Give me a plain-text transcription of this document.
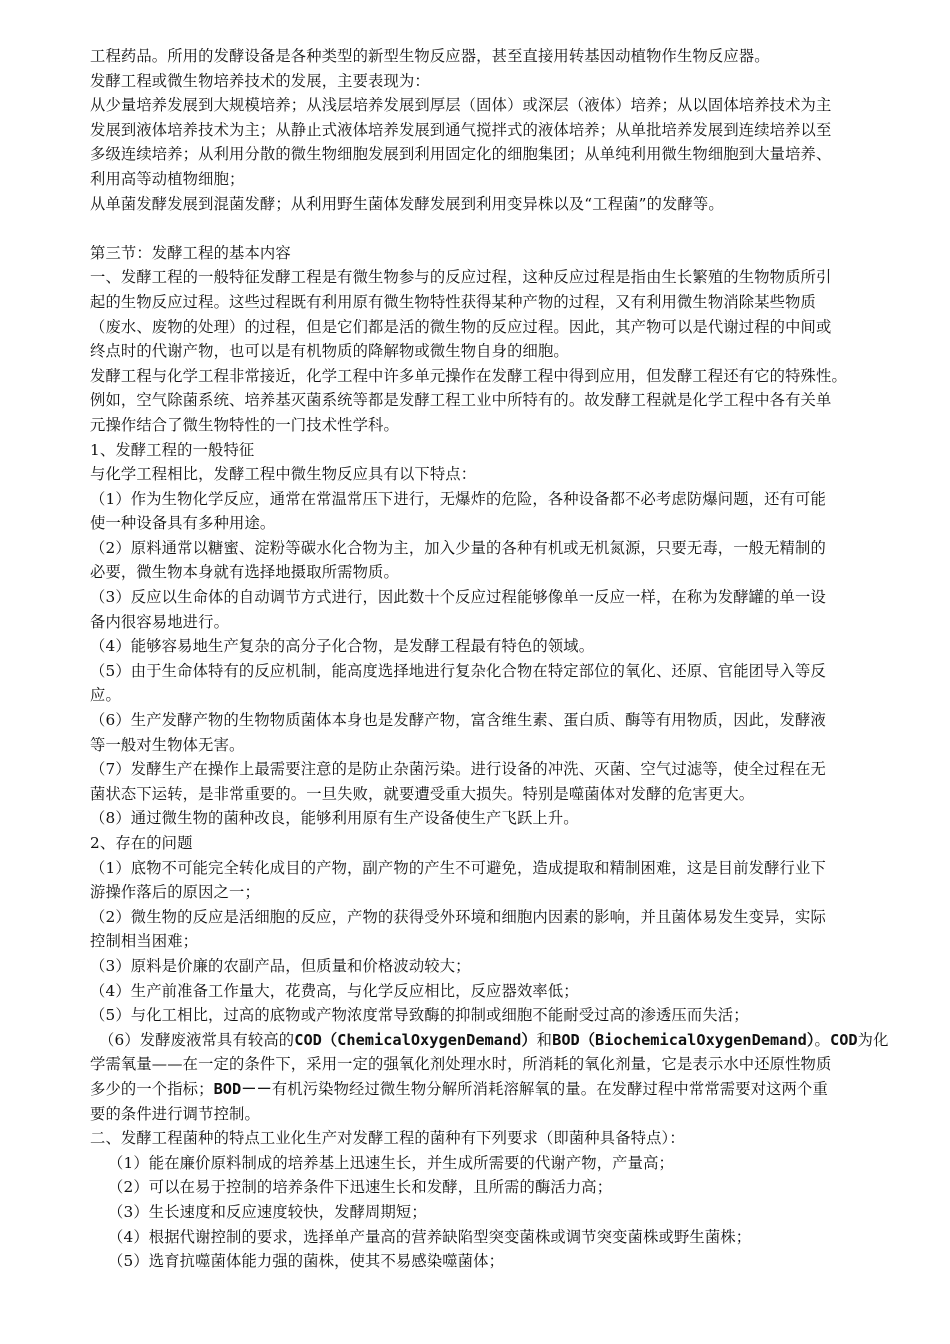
工程药品。所用的发酵设备是各种类型的新型生物反应器，甚至直接用转基因动植物作生物反应器。
发酵工程或微生物培养技术的发展，主要表现为：
从少量培养发展到大规模培养；从浅层培养发展到厚层（固体）或深层（液体）培养；从以固体培养技术为主
发展到液体培养技术为主；从静止式液体培养发展到通气搅拌式的液体培养；从单批培养发展到连续培养以至
多级连续培养；从利用分散的微生物细胞发展到利用固定化的细胞集团；从单纯利用微生物细胞到大量培养、
利用高等动植物细胞；
从单菌发酵发展到混菌发酵；从利用野生菌体发酵发展到利用变异株以及“工程菌”的发酵等。
第三节：发酵工程的基本内容
一、发酵工程的一般特征发酵工程是有微生物参与的反应过程，这种反应过程是指由生长繁殖的生物物质所引
起的生物反应过程。这些过程既有利用原有微生物特性获得某种产物的过程，又有利用微生物消除某些物质
（废水、废物的处理）的过程，但是它们都是活的微生物的反应过程。因此，其产物可以是代谢过程的中间或
终点时的代谢产物，也可以是有机物质的降解物或微生物自身的细胞。
发酵工程与化学工程非常接近，化学工程中许多单元操作在发酵工程中得到应用，但发酵工程还有它的特殊性。
例如，空气除菌系统、培养基灭菌系统等都是发酵工程工业中所特有的。故发酵工程就是化学工程中各有关单
元操作结合了微生物特性的一门技术性学科。
1、发酵工程的一般特征
与化学工程相比，发酵工程中微生物反应具有以下特点：
（1）作为生物化学反应，通常在常温常压下进行，无爆炸的危险，各种设备都不必考虑防爆问题，还有可能
使一种设备具有多种用途。
（2）原料通常以糖蜜、淀粉等碳水化合物为主，加入少量的各种有机或无机氮源，只要无毒，一般无精制的
必要，微生物本身就有选择地摄取所需物质。
（3）反应以生命体的自动调节方式进行，因此数十个反应过程能够像单一反应一样，在称为发酵罐的单一设
备内很容易地进行。
（4）能够容易地生产复杂的高分子化合物，是发酵工程最有特色的领域。
（5）由于生命体特有的反应机制，能高度选择地进行复杂化合物在特定部位的氧化、还原、官能团导入等反
应。
（6）生产发酵产物的生物物质菌体本身也是发酵产物，富含维生素、蛋白质、酶等有用物质，因此，发酵液
等一般对生物体无害。
（7）发酵生产在操作上最需要注意的是防止杂菌污染。进行设备的冲洗、灭菌、空气过滤等，使全过程在无
菌状态下运转，是非常重要的。一旦失败，就要遭受重大损失。特别是噬菌体对发酵的危害更大。
（8）通过微生物的菌种改良，能够利用原有生产设备使生产飞跃上升。
2、存在的问题
（1）底物不可能完全转化成目的产物，副产物的产生不可避免，造成提取和精制困难，这是目前发酵行业下
游操作落后的原因之一；
（2）微生物的反应是活细胞的反应，产物的获得受外环境和细胞内因素的影响，并且菌体易发生变异，实际
控制相当困难；
（3）原料是价廉的农副产品，但质量和价格波动较大；
（4）生产前准备工作量大，花费高，与化学反应相比，反应器效率低；
（5）与化工相比，过高的底物或产物浓度常导致酶的抑制或细胞不能耐受过高的渗透压而失活；
（6）发酵废液常具有较高的COD（ChemicalOxygenDemand）和BOD（BiochemicalOxygenDemand）。COD为化
学需氧量——在一定的条件下，采用一定的强氧化剂处理水时，所消耗的氧化剂量，它是表示水中还原性物质
多少的一个指标；BOD－－有机污染物经过微生物分解所消耗溶解氧的量。在发酵过程中常常需要对这两个重
要的条件进行调节控制。
二、发酵工程菌种的特点工业化生产对发酵工程的菌种有下列要求（即菌种具备特点）：
（1）能在廉价原料制成的培养基上迅速生长，并生成所需要的代谢产物，产量高；
（2）可以在易于控制的培养条件下迅速生长和发酵，且所需的酶活力高；
（3）生长速度和反应速度较快，发酵周期短；
（4）根据代谢控制的要求，选择单产量高的营养缺陷型突变菌株或调节突变菌株或野生菌株；
（5）选育抗噬菌体能力强的菌株，使其不易感染噬菌体；
